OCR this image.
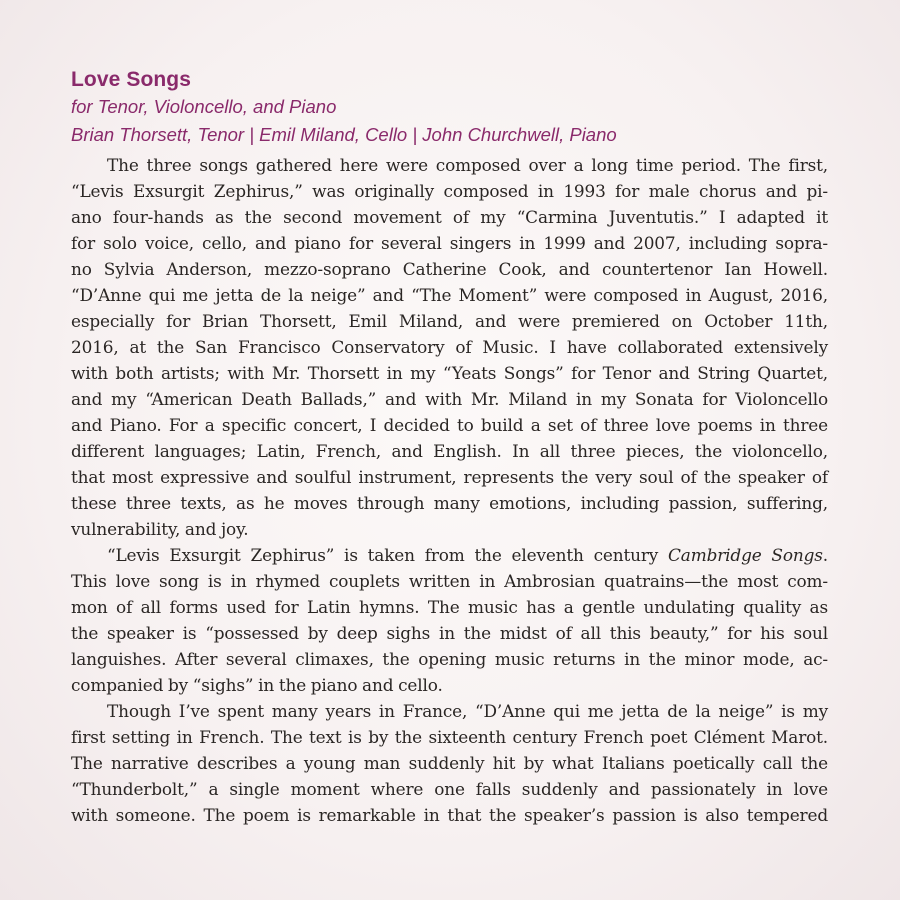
Love Songs

for Tenor, Violoncello, and Piano

Brian Thorsett, Tenor | Emil Miland, Cello | John Churchwell, Piano

The three songs gathered here were composed over a long time period. The first,
“Levis Exsurgit Zephirus,” was originally composed in 1993 for male chorus and pi-
ano four-hands as the second movement of my “Carmina Juventutis.” I adapted it
for solo voice, cello, and piano for several singers in 1999 and 2007, including sopra-
no Sylvia Anderson, mezzo-soprano Catherine Cook, and countertenor Ian Howell.
“D’Anne qui me jetta de la neige” and “The Moment” were composed in August, 2016,
especially for Brian Thorsett, Emil Miland, and were premiered on October 11th,
2016, at the San Francisco Conservatory of Music. I have collaborated extensively
with both artists; with Mr. Thorsett in my “Yeats Songs” for Tenor and String Quartet,
and my “American Death Ballads,” and with Mr. Miland in my Sonata for Violoncello
and Piano. For a specific concert, I decided to build a set of three love poems in three
different languages; Latin, French, and English. In all three pieces, the violoncello,
that most expressive and soulful instrument, represents the very soul of the speaker of
these three texts, as he moves through many emotions, including passion, suffering,
vulnerability, and joy.
“Levis Exsurgit Zephirus” is taken from the eleventh century Cambridge Songs.
This love song is in rhymed couplets written in Ambrosian quatrains—the most com-
mon of all forms used for Latin hymns. The music has a gentle undulating quality as
the speaker is “possessed by deep sighs in the midst of all this beauty,” for his soul
languishes. After several climaxes, the opening music returns in the minor mode, ac-
companied by “sighs” in the piano and cello.
Though I’ve spent many years in France, “D’Anne qui me jetta de la neige” is my
first setting in French. The text is by the sixteenth century French poet Clément Marot.
The narrative describes a young man suddenly hit by what Italians poetically call the
“Thunderbolt,” a single moment where one falls suddenly and passionately in love
with someone. The poem is remarkable in that the speaker’s passion is also tempered
